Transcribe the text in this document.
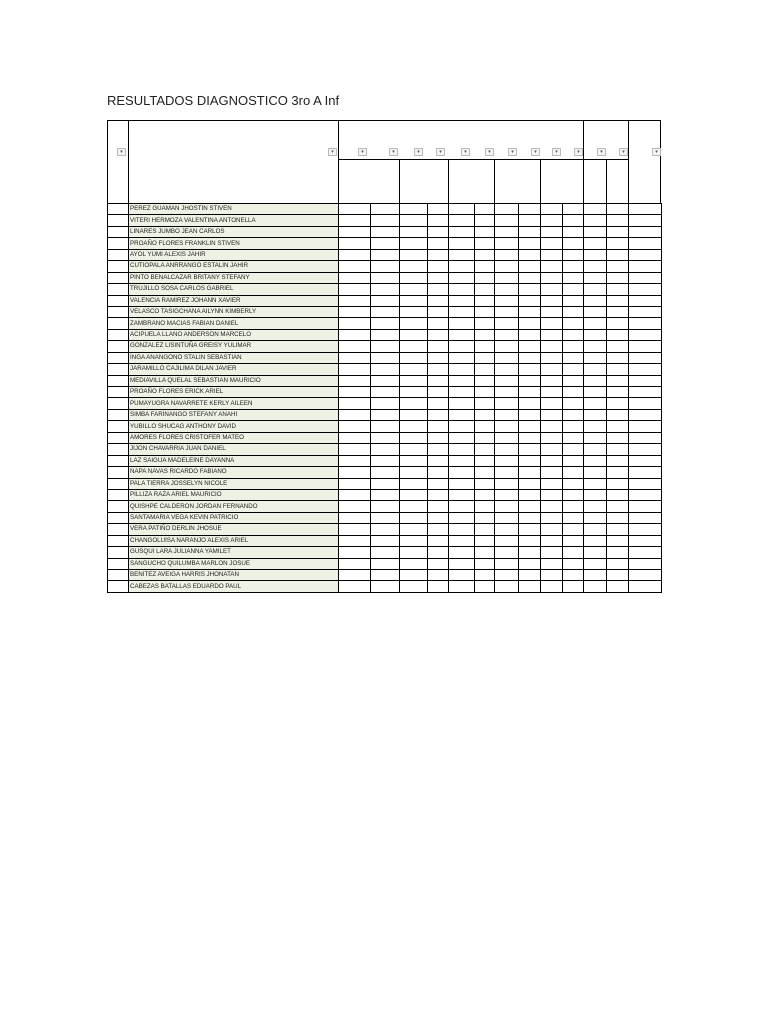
RESULTADOS DIAGNOSTICO 3ro A Inf
▾	▾	▾	▾	▾	▾	▾	▾	▾	▾	▾	▾	▾	▾	▾
	PEREZ GUAMAN JHOSTIN STIVEN													
	VITERI HERMOZA VALENTINA ANTONELLA													
	LINARES JUMBO JEAN CARLOS													
	PROAÑO FLORES FRANKLIN STIVEN													
	AYOL YUMI ALEXIS JAHIR													
	CUTIOPALA ANRRANGO ESTALIN JAHIR													
	PINTO BENALCAZAR BRITANY STEFANY													
	TRUJILLO SOSA CARLOS GABRIEL													
	VALENCIA RAMIREZ JOHANN XAVIER													
	VELASCO TASIGCHANA AILYNN KIMBERLY													
	ZAMBRANO MACIAS FABIAN DANIEL													
	ACIPUELA LLANO ANDERSON MARCELO													
	GONZALEZ LISINTUÑA GREISY YULIMAR													
	INGA ANANGONO STALIN SEBASTIAN													
	JARAMILLO CAJILIMA DILAN JAVIER													
	MEDIAVILLA QUELAL SEBASTIAN MAURICIO													
	PROAÑO FLORES ERICK ARIEL													
	PUMAYUGRA NAVARRETE KERLY AILEEN													
	SIMBA FARINANGO STEFANY ANAHI													
	YUBILLO SHUCAG ANTHONY DAVID													
	AMORES FLORES CRISTOFER MATEO													
	JIJON CHAVARRIA JUAN DANIEL													
	LAZ SAIGUA MADELEINE DAYANNA													
	NAPA NAVAS RICARDO FABIANO													
	PALA TIERRA JOSSELYN NICOLE													
	PILLIZA RAZA ARIEL MAURICIO													
	QUISHPE CALDERON JORDAN FERNANDO													
	SANTAMARIA VEGA KEVIN PATRICIO													
	VERA PATIÑO DERLIN JHOSUE													
	CHANGOLUISA NARANJO ALEXIS ARIEL													
	GUSQUI LARA JULIANNA YAMILET													
	SANGUCHO QUILUMBA MARLON JOSUE													
	BENITEZ AVEIGA HARRIS JHONATAN													
	CABEZAS BATALLAS EDUARDO PAUL													
